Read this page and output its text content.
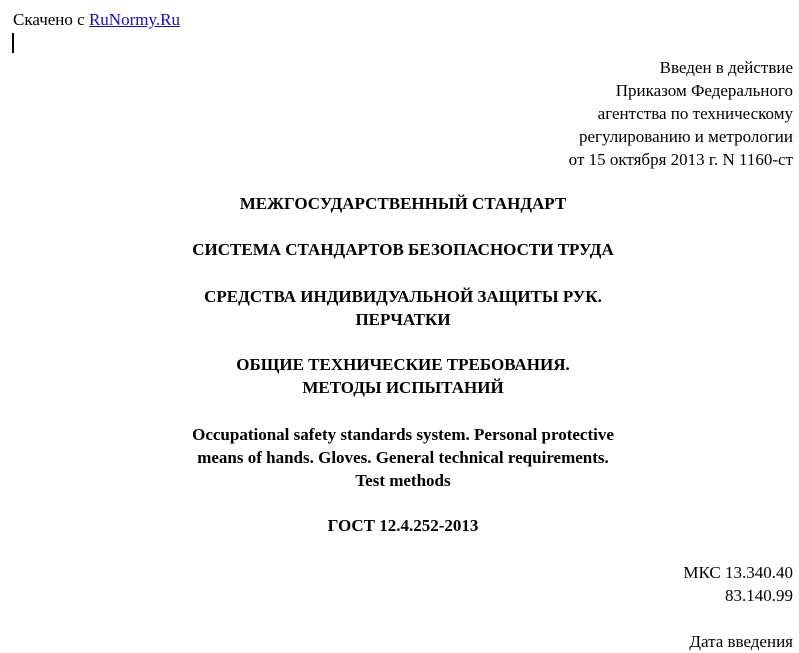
Скачено с RuNormy.Ru
Введен в действие
Приказом Федерального
агентства по техническому
регулированию и метрологии
от 15 октября 2013 г. N 1160-ст
МЕЖГОСУДАРСТВЕННЫЙ СТАНДАРТ
СИСТЕМА СТАНДАРТОВ БЕЗОПАСНОСТИ ТРУДА
СРЕДСТВА ИНДИВИДУАЛЬНОЙ ЗАЩИТЫ РУК.
ПЕРЧАТКИ
ОБЩИЕ ТЕХНИЧЕСКИЕ ТРЕБОВАНИЯ.
МЕТОДЫ ИСПЫТАНИЙ
Occupational safety standards system. Personal protective
means of hands. Gloves. General technical requirements.
Test methods
ГОСТ 12.4.252-2013
МКС 13.340.40
83.140.99
Дата введения
